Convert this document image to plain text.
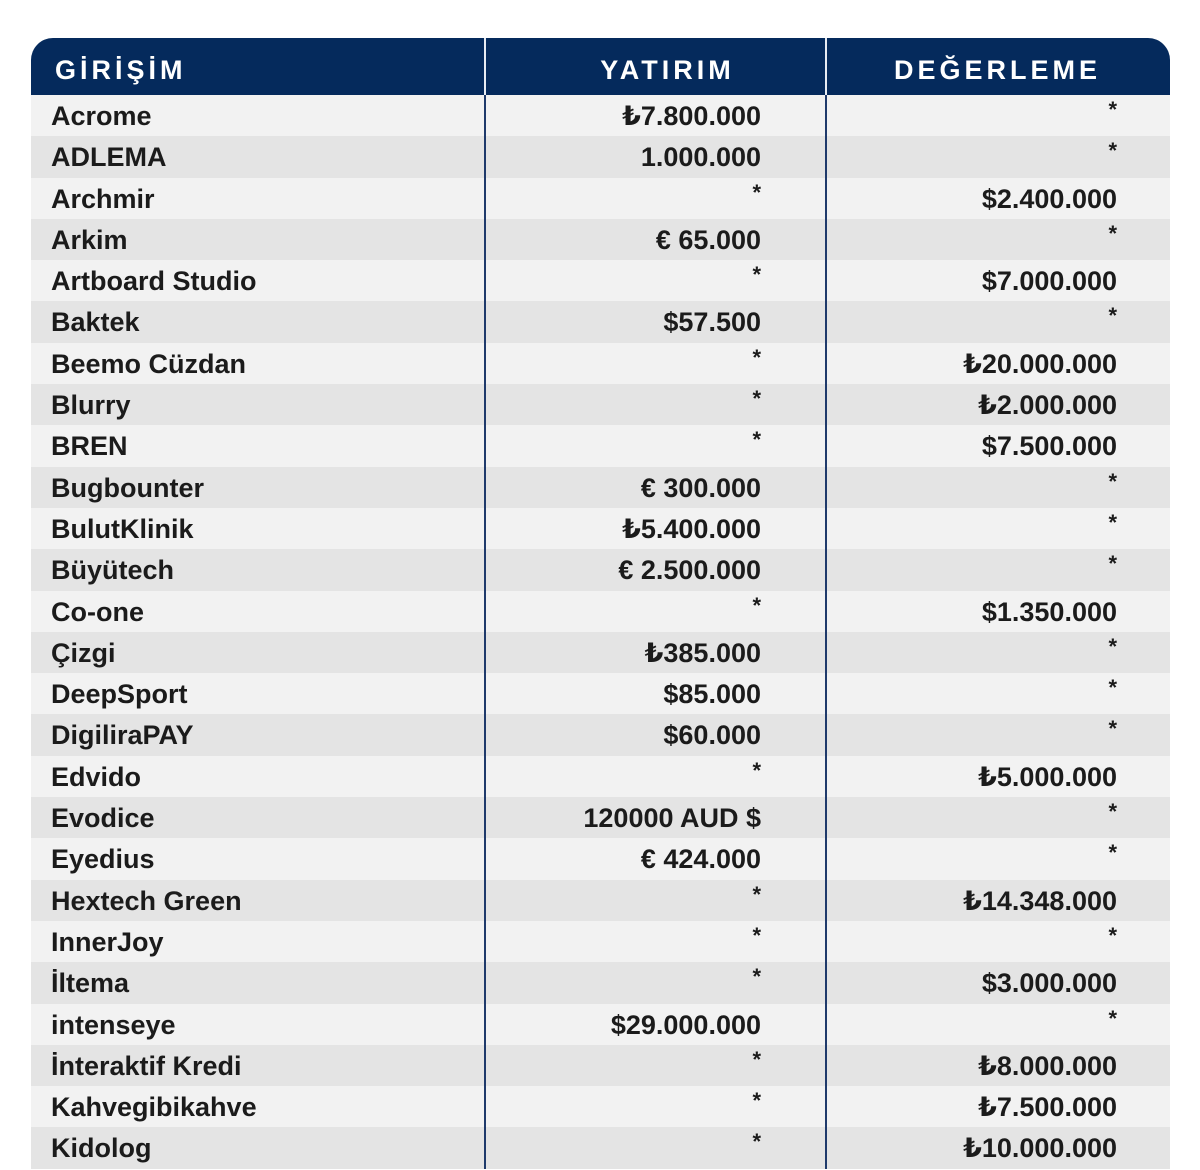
GİRİŞİM	YATIRIM	DEĞERLEME
Acrome	₺7.800.000	*
ADLEMA	1.000.000	*
Archmir	*	$2.400.000
Arkim	€ 65.000	*
Artboard Studio	*	$7.000.000
Baktek	$57.500	*
Beemo Cüzdan	*	₺20.000.000
Blurry	*	₺2.000.000
BREN	*	$7.500.000
Bugbounter	€ 300.000	*
BulutKlinik	₺5.400.000	*
Büyütech	€ 2.500.000	*
Co-one	*	$1.350.000
Çizgi	₺385.000	*
DeepSport	$85.000	*
DigiliraPAY	$60.000	*
Edvido	*	₺5.000.000
Evodice	120000 AUD $	*
Eyedius	€ 424.000	*
Hextech Green	*	₺14.348.000
InnerJoy	*	*
İltema	*	$3.000.000
intenseye	$29.000.000	*
İnteraktif Kredi	*	₺8.000.000
Kahvegibikahve	*	₺7.500.000
Kidolog	*	₺10.000.000
